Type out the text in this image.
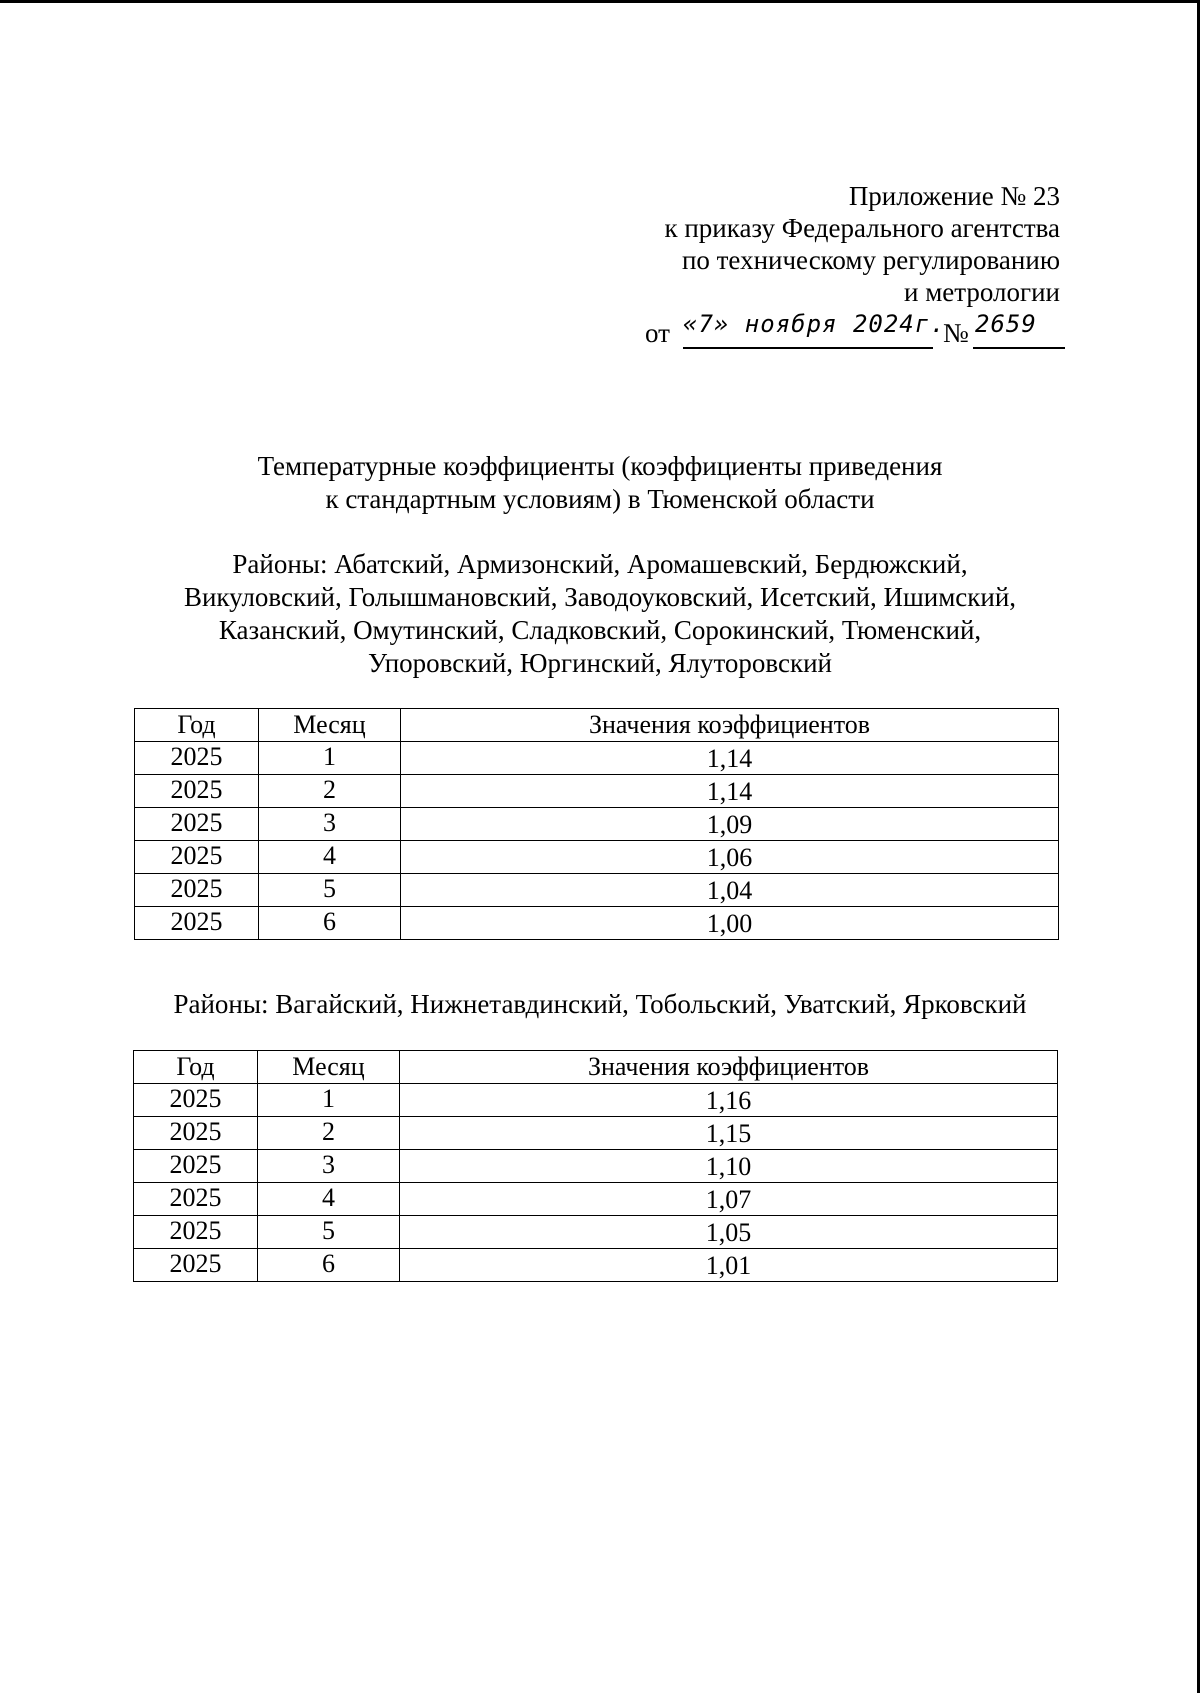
Приложение № 23
к приказу Федерального агентства
по техническому регулированию
и метрологии
от «7» ноября 2024г.
№ 2659
Температурные коэффициенты (коэффициенты приведения
к стандартным условиям) в Тюменской области
Районы: Абатский, Армизонский, Аромашевский, Бердюжский,
Викуловский, Голышмановский, Заводоуковский, Исетский, Ишимский,
Казанский, Омутинский, Сладковский, Сорокинский, Тюменский,
Упоровский, Юргинский, Ялуторовский
Год	Месяц	Значения коэффициентов
2025	1	1,14
2025	2	1,14
2025	3	1,09
2025	4	1,06
2025	5	1,04
2025	6	1,00
Районы: Вагайский, Нижнетавдинский, Тобольский, Уватский, Ярковский
Год	Месяц	Значения коэффициентов
2025	1	1,16
2025	2	1,15
2025	3	1,10
2025	4	1,07
2025	5	1,05
2025	6	1,01
